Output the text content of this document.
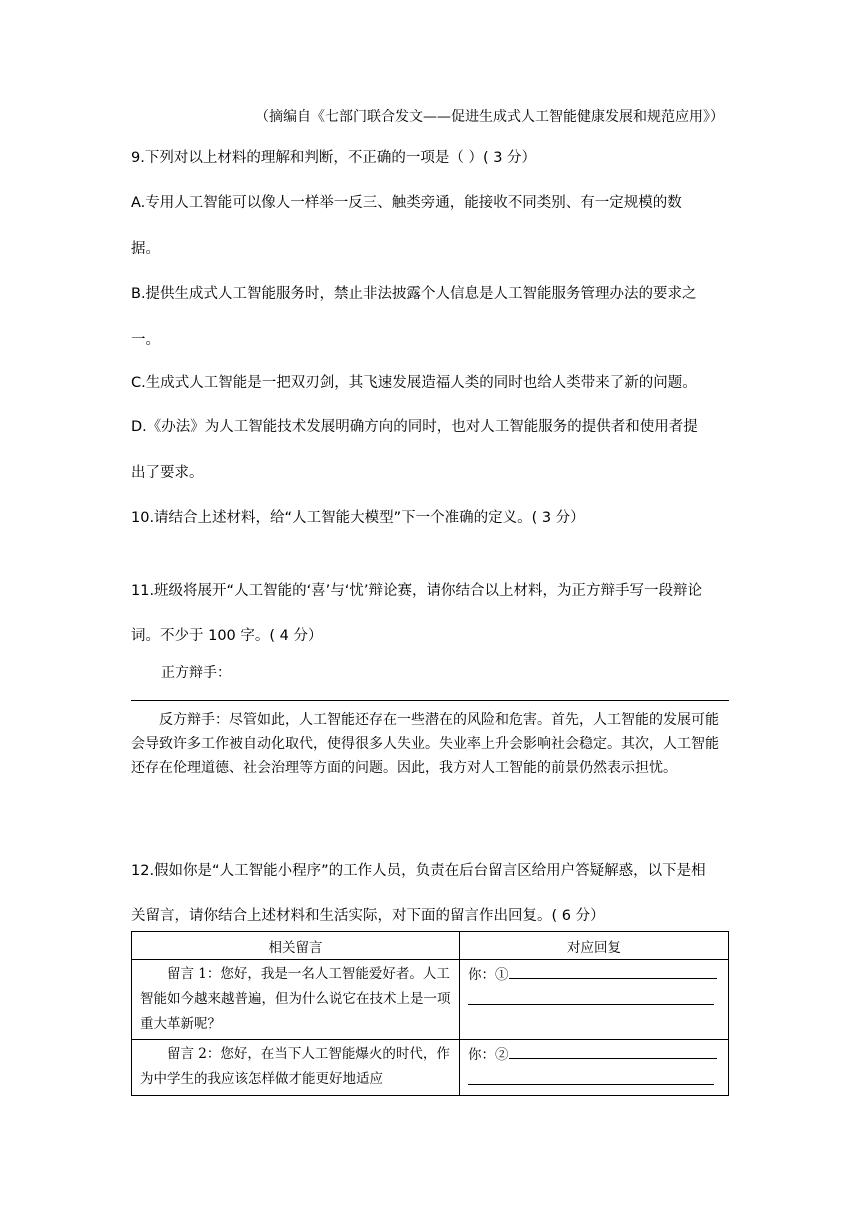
（摘编自《七部门联合发文——促进生成式人工智能健康发展和规范应用》）
9.下列对以上材料的理解和判断，不正确的一项是（ ）( 3 分）
A.专用人工智能可以像人一样举一反三、触类旁通，能接收不同类别、有一定规模的数
据。
B.提供生成式人工智能服务时，禁止非法披露个人信息是人工智能服务管理办法的要求之
一。
C.生成式人工智能是一把双刃剑，其飞速发展造福人类的同时也给人类带来了新的问题。
D.《办法》为人工智能技术发展明确方向的同时，也对人工智能服务的提供者和使用者提
出了要求。
10.请结合上述材料，给“人工智能大模型”下一个准确的定义。( 3 分）
11.班级将展开“人工智能的‘喜’与‘忧’辩论赛，请你结合以上材料，为正方辩手写一段辩论
词。不少于 100 字。( 4 分）
正方辩手：
反方辩手：尽管如此，人工智能还存在一些潜在的风险和危害。首先，人工智能的发展可能会导致许多工作被自动化取代，使得很多人失业。失业率上升会影响社会稳定。其次，人工智能还存在伦理道德、社会治理等方面的问题。因此，我方对人工智能的前景仍然表示担忧。
12.假如你是“人工智能小程序”的工作人员，负责在后台留言区给用户答疑解惑，以下是相
关留言，请你结合上述材料和生活实际，对下面的留言作出回复。( 6 分）
相关留言	对应回复

留言 1：您好，我是一名人工智能爱好者。人工智能如今越来越普遍，但为什么说它在技术上是一项重大革新呢？	你：①

留言 2：您好，在当下人工智能爆火的时代，作为中学生的我应该怎样做才能更好地适应	你：②
